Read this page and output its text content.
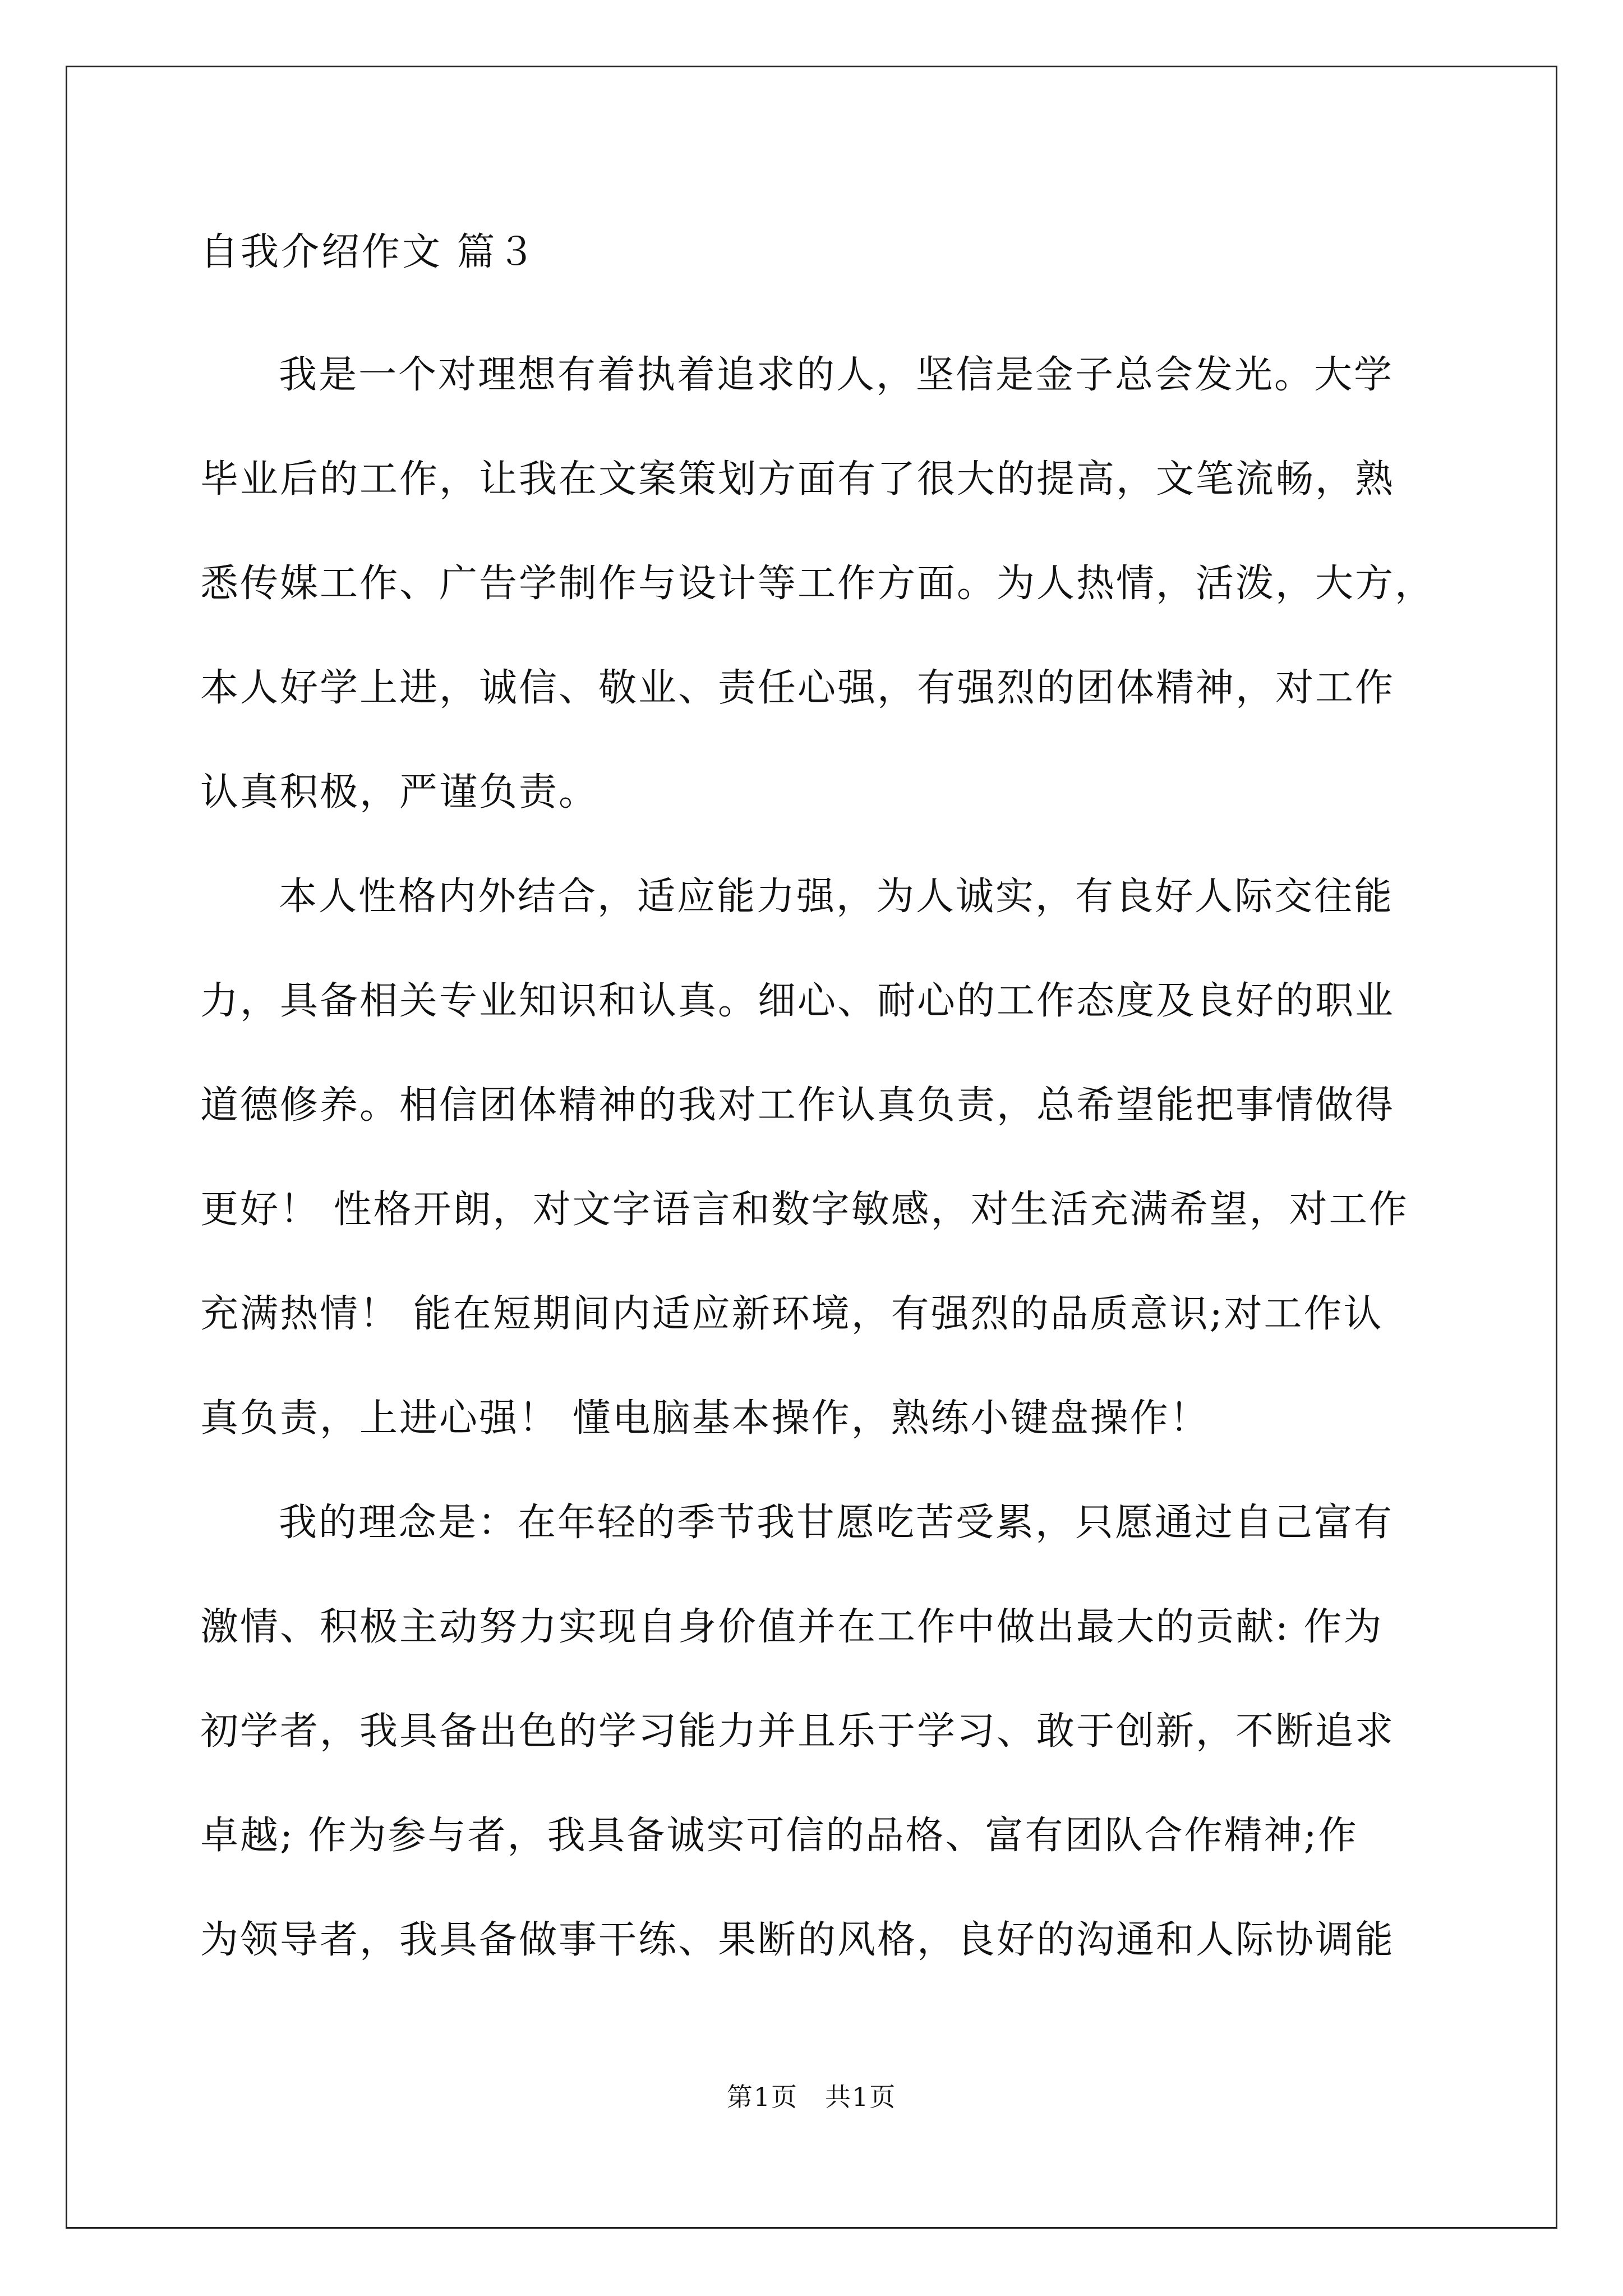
自我介绍作文 篇３
我是一个对理想有着执着追求的人，坚信是金子总会发光。大学
毕业后的工作，让我在文案策划方面有了很大的提高，文笔流畅，熟
悉传媒工作、广告学制作与设计等工作方面。为人热情，活泼，大方，
本人好学上进，诚信、敬业、责任心强，有强烈的团体精神，对工作
认真积极，严谨负责。
本人性格内外结合，适应能力强，为人诚实，有良好人际交往能
力，具备相关专业知识和认真。细心、耐心的工作态度及良好的职业
道德修养。相信团体精神的我对工作认真负责，总希望能把事情做得
更好！ 性格开朗，对文字语言和数字敏感，对生活充满希望，对工作
充满热情！ 能在短期间内适应新环境，有强烈的品质意识;对工作认
真负责，上进心强！ 懂电脑基本操作，熟练小键盘操作！
我的理念是：在年轻的季节我甘愿吃苦受累，只愿通过自己富有
激情、积极主动努力实现自身价值并在工作中做出最大的贡献: 作为
初学者，我具备出色的学习能力并且乐于学习、敢于创新，不断追求
卓越; 作为参与者，我具备诚实可信的品格、富有团队合作精神;作
为领导者，我具备做事干练、果断的风格，良好的沟通和人际协调能
第1页　共1页
